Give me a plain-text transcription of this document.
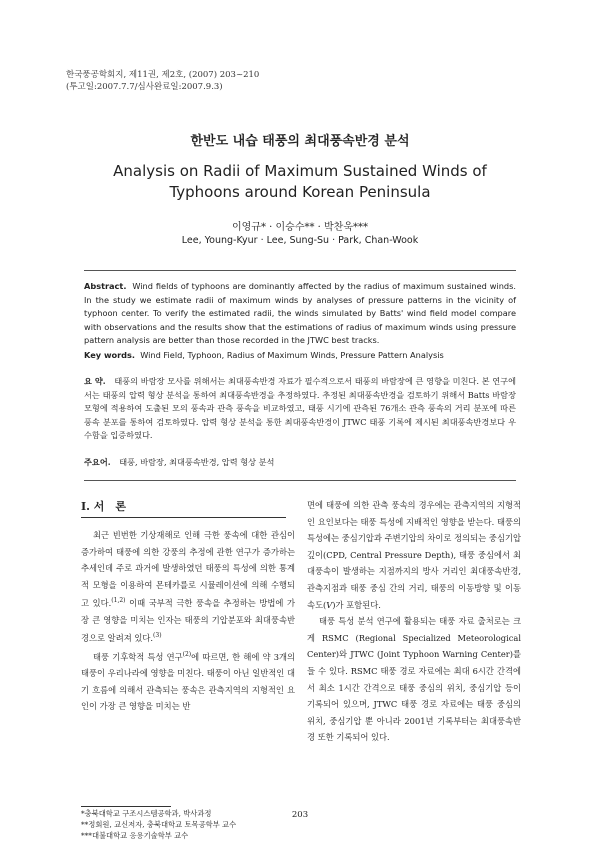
한국풍공학회지, 제11권, 제2호, (2007) 203~210
(투고일:2007.7.7/심사완료일:2007.9.3)
한반도 내습 태풍의 최대풍속반경 분석
Analysis on Radii of Maximum Sustained Winds of
Typhoons around Korean Peninsula
이영규* · 이승수** · 박찬욱***
Lee, Young-Kyur · Lee, Sung-Su · Park, Chan-Wook
Abstract. Wind fields of typhoons are dominantly affected by the radius of maximum sustained winds. In the study we estimate radii of maximum winds by analyses of pressure patterns in the vicinity of typhoon center. To verify the estimated radii, the winds simulated by Batts' wind field model compare with observations and the results show that the estimations of radius of maximum winds using pressure pattern analysis are better than those recorded in the JTWC best tracks.
Key words. Wind Field, Typhoon, Radius of Maximum Winds, Pressure Pattern Analysis
요 약. 태풍의 바람장 모사를 위해서는 최대풍속반경 자료가 필수적으로서 태풍의 바람장에 큰 영향을 미친다. 본 연구에서는 태풍의 압력 형상 분석을 통하여 최대풍속반경을 추정하였다. 추정된 최대풍속반경을 검토하기 위해서 Batts 바람장 모형에 적용하여 도출된 모의 풍속과 관측 풍속을 비교하였고, 태풍 시기에 관측된 76개소 관측 풍속의 거리 분포에 따른 풍속 분포를 통하여 검토하였다. 압력 형상 분석을 통한 최대풍속반경이 JTWC 태풍 기록에 제시된 최대풍속반경보다 우수함을 입증하였다.
주요어. 태풍, 바람장, 최대풍속반경, 압력 형상 분석
I. 서　론

최근 빈번한 기상재해로 인해 극한 풍속에 대한 관심이 증가하여 태풍에 의한 강풍의 추정에 관한 연구가 증가하는 추세인데 주로 과거에 발생하였던 태풍의 특성에 의한 통계적 모형을 이용하여 몬테카를로 시뮬레이션에 의해 수행되고 있다.$^{(1,2)}$ 이때 국부적 극한 풍속을 추정하는 방법에 가장 큰 영향을 미치는 인자는 태풍의 기압분포와 최대풍속반경으로 알려져 있다.$^{(3)}$

태풍 기후학적 특성 연구$^{(2)}$에 따르면, 한 해에 약 3개의 태풍이 우리나라에 영향을 미친다. 태풍이 아닌 일반적인 대기 흐름에 의해서 관측되는 풍속은 관측지역의 지형적인 요인이 가장 큰 영향을 미치는 반

면에 태풍에 의한 관측 풍속의 경우에는 관측지역의 지형적인 요인보다는 태풍 특성에 지배적인 영향을 받는다. 태풍의 특성에는 중심기압과 주변기압의 차이로 정의되는 중심기압깊이(CPD, Central Pressure Depth), 태풍 중심에서 최대풍속이 발생하는 지점까지의 방사 거리인 최대풍속반경, 관측지점과 태풍 중심 간의 거리, 태풍의 이동방향 및 이동속도(V)가 포함된다.

태풍 특성 분석 연구에 활용되는 태풍 자료 출처로는 크게 RSMC (Regional Specialized Meteorological Center)와 JTWC (Joint Typhoon Warning Center)를 들 수 있다. RSMC 태풍 경로 자료에는 최대 6시간 간격에서 최소 1시간 간격으로 태풍 중심의 위치, 중심기압 등이 기록되어 있으며, JTWC 태풍 경로 자료에는 태풍 중심의 위치, 중심기압 뿐 아니라 2001년 기록부터는 최대풍속반경 또한 기록되어 있다.

*충북대학교 구조시스템공학과, 박사과정
**정회원, 교신저자, 충북대학교 토목공학부 교수
***대불대학교 응용기술학부 교수
203
